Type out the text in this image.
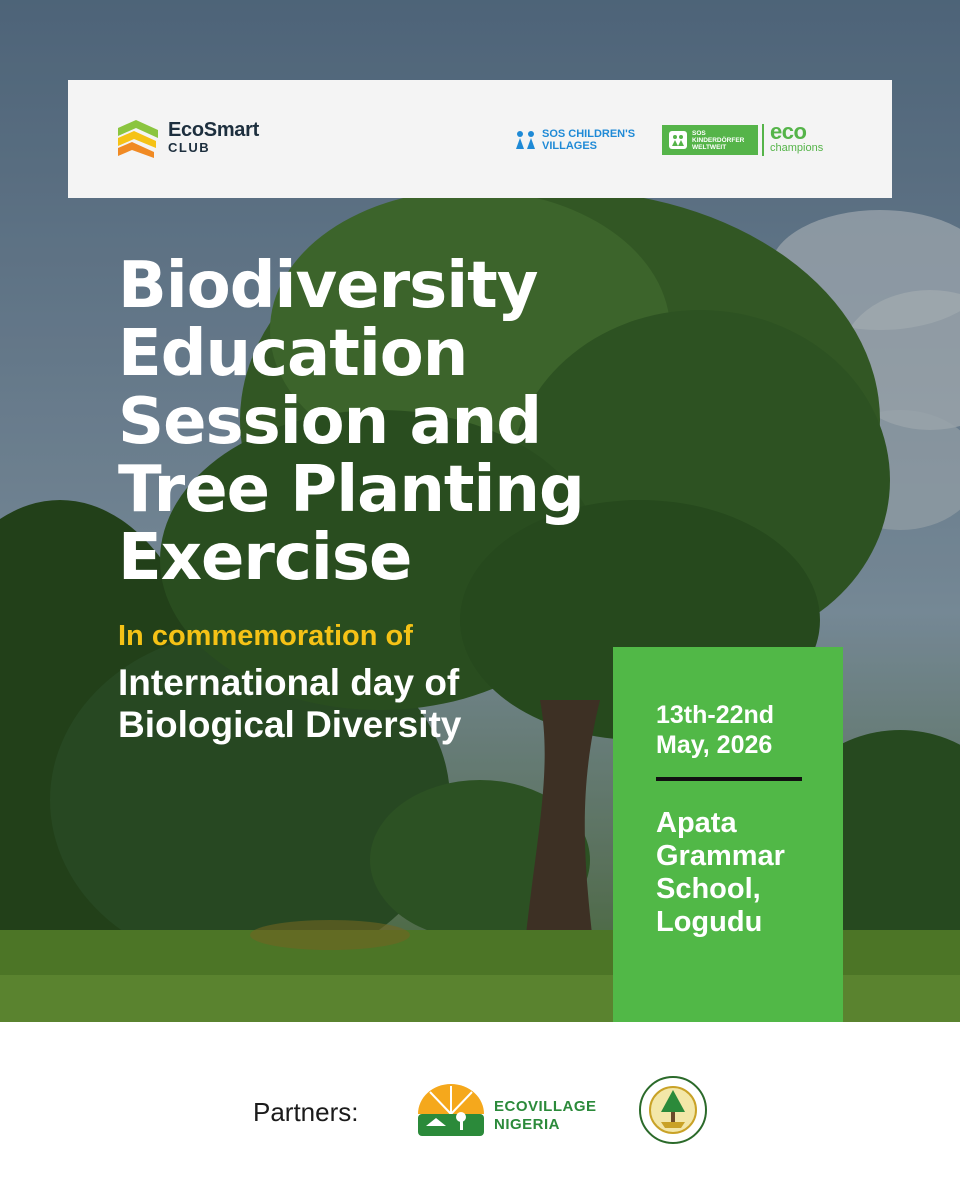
EcoSmart
CLUB
SOS CHILDREN'S VILLAGES
SOS KINDERDÖRFER WELTWEIT
eco
champions
Biodiversity
Education
Session and
Tree Planting
Exercise
In commemoration of
International day of Biological Diversity	13th-22nd May, 2026
Apata Grammar School, Logudu
Partners:	ECOVILLAGE NIGERIA
